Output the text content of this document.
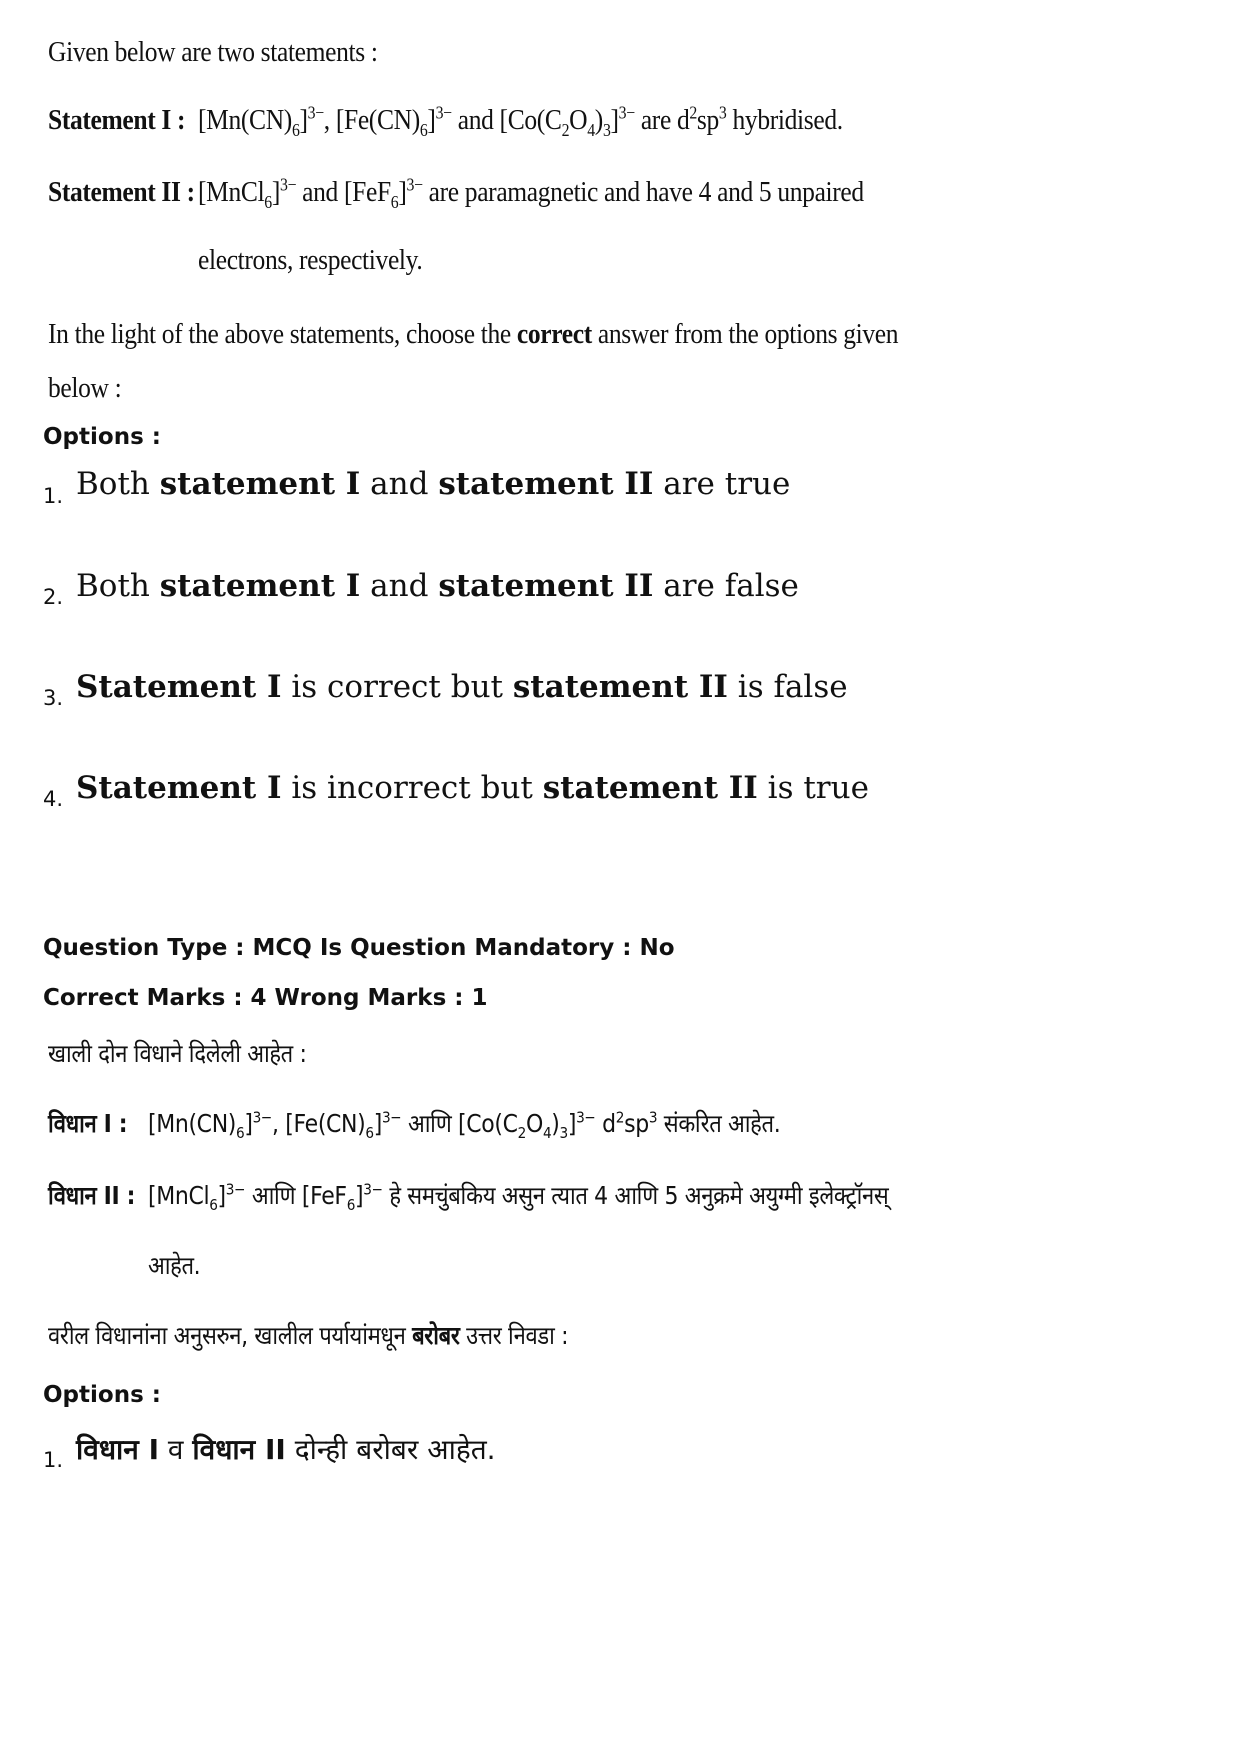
Given below are two statements :
Statement I : $[Mn(CN)_6]^{3-}$, $[Fe(CN)_6]^{3-}$ and $[Co(C_2O_4)_3]^{3-}$ are $d^2sp^3$ hybridised.
Statement II : [MnCl$_6$]$^{3-}$ and $[FeF_6]^{3-}$ are paramagnetic and have 4 and 5 unpaired
electrons, respectively.
In the light of the above statements, choose the correct answer from the options given
below :
Options :
1. Both statement I and statement II are true
2. Both statement I and statement II are false
3. Statement I is correct but statement II is false
4. Statement I is incorrect but statement II is true
Question Type : MCQ Is Question Mandatory : No
Correct Marks : 4 Wrong Marks : 1
खाली दोन विधाने दिलेली आहेत :
विधान I : $[Mn(CN)_6]^{3-}$, $[Fe(CN)_6]^{3-}$ आणि $[Co(C_2O_4)_3]^{3-}$ $d^2sp^3$ संकरित आहेत.
विधान II : [MnCl$_6$]$^{3-}$ आणि $[FeF_6]^{3-}$ हे समचुंबकिय असुन त्यात 4 आणि 5 अनुक्रमे अयुग्मी इलेक्ट्रॉनस्
आहेत.
वरील विधानांना अनुसरुन, खालील पर्यायांमधून बरोबर उत्तर निवडा :
Options :
1. विधान I व विधान II दोन्ही बरोबर आहेत.
